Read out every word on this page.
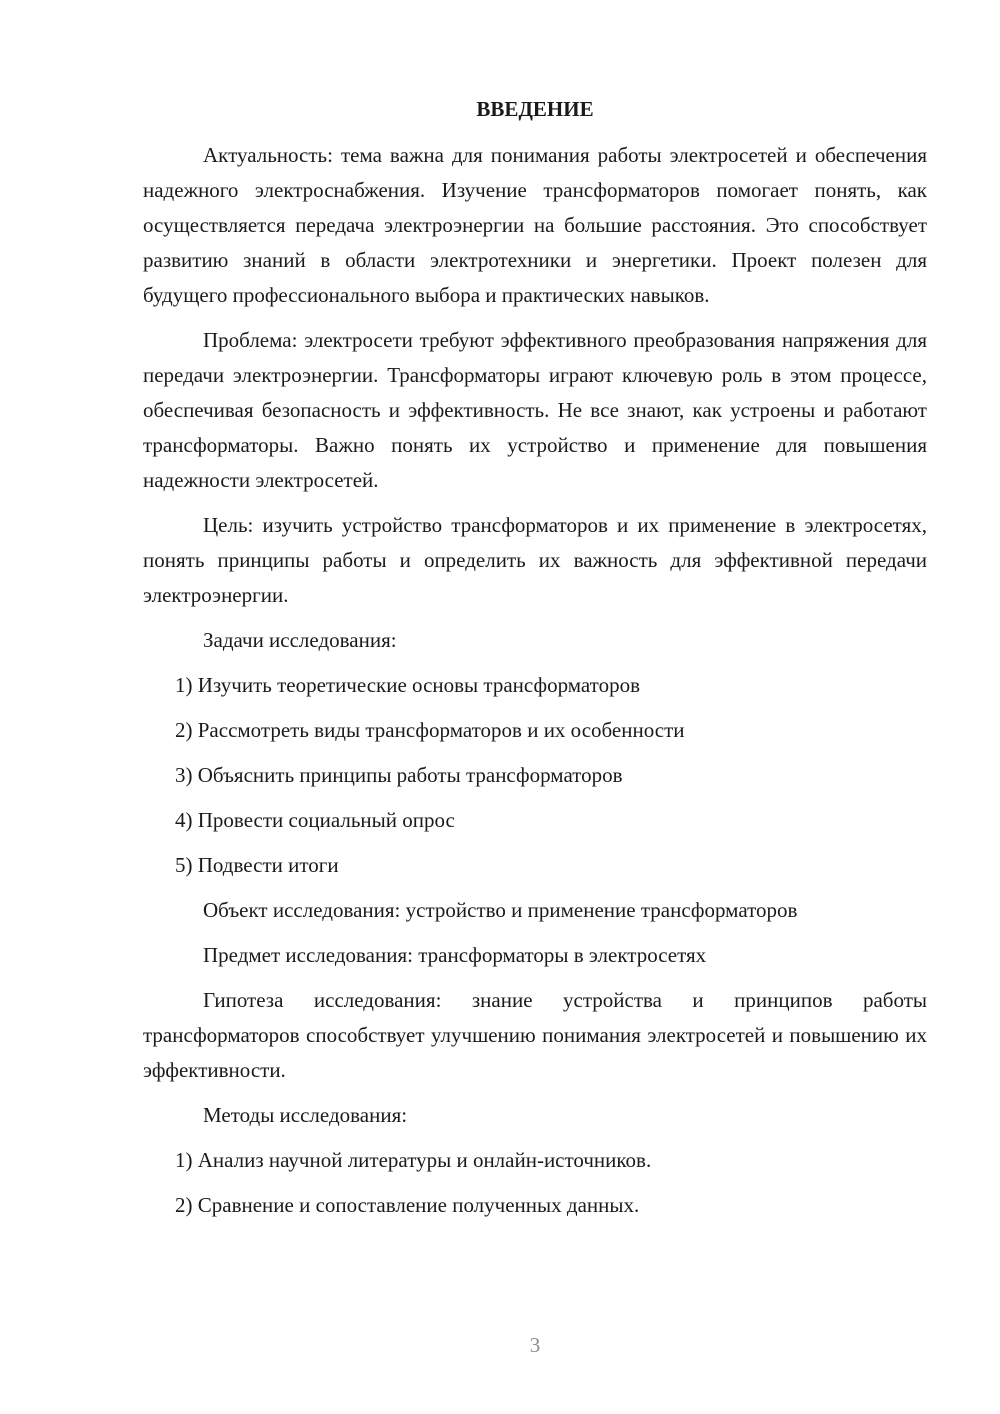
ВВЕДЕНИЕ

Актуальность: тема важна для понимания работы электросетей и обеспечения надежного электроснабжения. Изучение трансформаторов помогает понять, как осуществляется передача электроэнергии на большие расстояния. Это способствует развитию знаний в области электротехники и энергетики. Проект полезен для будущего профессионального выбора и практических навыков.

Проблема: электросети требуют эффективного преобразования напряжения для передачи электроэнергии. Трансформаторы играют ключевую роль в этом процессе, обеспечивая безопасность и эффективность. Не все знают, как устроены и работают трансформаторы. Важно понять их устройство и применение для повышения надежности электросетей.

Цель: изучить устройство трансформаторов и их применение в электросетях, понять принципы работы и определить их важность для эффективной передачи электроэнергии.

Задачи исследования:
1) Изучить теоретические основы трансформаторов
2) Рассмотреть виды трансформаторов и их особенности
3) Объяснить принципы работы трансформаторов
4) Провести социальный опрос
5) Подвести итоги
Объект исследования: устройство и применение трансформаторов
Предмет исследования: трансформаторы в электросетях

Гипотеза исследования: знание устройства и принципов работы трансформаторов способствует улучшению понимания электросетей и повышению их эффективности.

Методы исследования:
1) Анализ научной литературы и онлайн-источников.
2) Сравнение и сопоставление полученных данных.
3
